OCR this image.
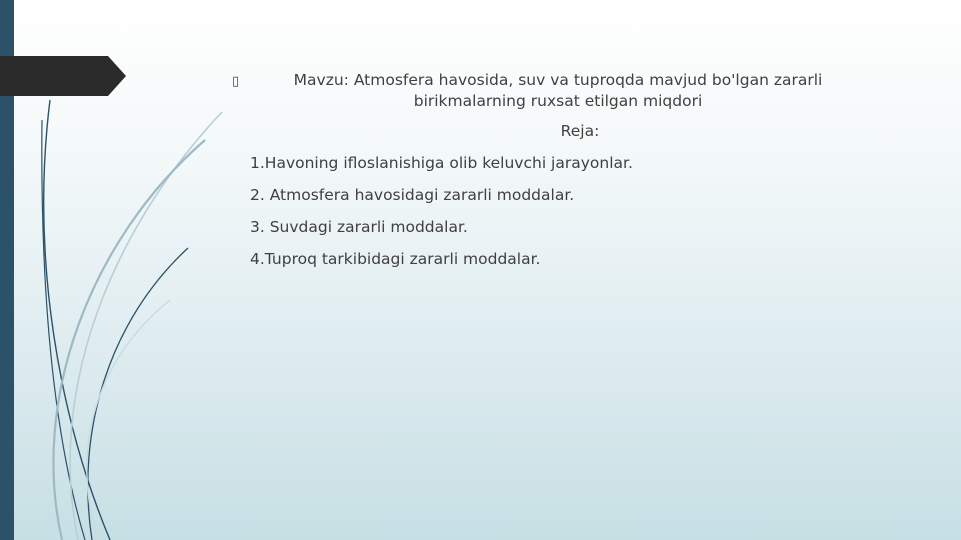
▯	Mavzu: Atmosfera havosida, suv va tuproqda mavjud bo'lgan zararli birikmalarning ruxsat etilgan miqdori
Reja:
1.Havoning ifloslanishiga olib keluvchi jarayonlar.
2. Atmosfera havosidagi zararli moddalar.
3. Suvdagi zararli moddalar.
4.Tuproq tarkibidagi zararli moddalar.
